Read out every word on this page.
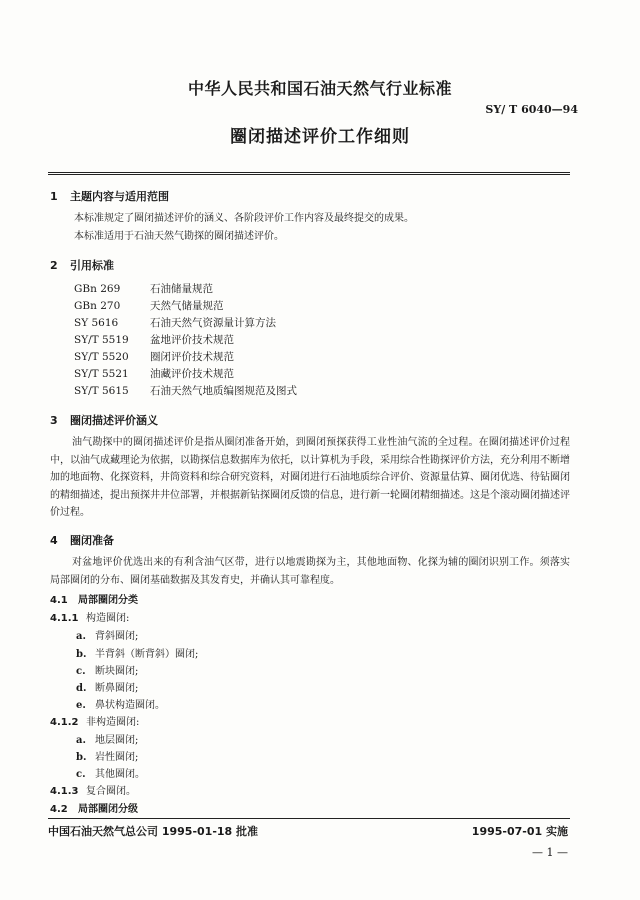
中华人民共和国石油天然气行业标准
SY/ T 6040—94
圈闭描述评价工作细则
1 主题内容与适用范围
本标准规定了圈闭描述评价的涵义、各阶段评价工作内容及最终提交的成果。
本标准适用于石油天然气勘探的圈闭描述评价。
2 引用标准
GBn 269	石油储量规范
GBn 270	天然气储量规范
SY 5616	石油天然气资源量计算方法
SY/T 5519 盆地评价技术规范
SY/T 5520 圈闭评价技术规范
SY/T 5521 油藏评价技术规范
SY/T 5615 石油天然气地质编图规范及图式
3 圈闭描述评价涵义
油气勘探中的圈闭描述评价是指从圈闭准备开始，到圈闭预探获得工业性油气流的全过程。在圈闭描述评价过程中，以油气成藏理论为依据，以勘探信息数据库为依托，以计算机为手段，采用综合性勘探评价方法，充分利用不断增加的地面物、化探资料，井筒资料和综合研究资料，对圈闭进行石油地质综合评价、资源量估算、圈闭优选、待钻圈闭的精细描述，提出预探井井位部署，并根据新钻探圈闭反馈的信息，进行新一轮圈闭精细描述。这是个滚动圈闭描述评价过程。
4 圈闭准备
对盆地评价优选出来的有利含油气区带，进行以地震勘探为主，其他地面物、化探为辅的圈闭识别工作。须落实局部圈闭的分布、圈闭基础数据及其发育史，并确认其可靠程度。
4.1 局部圈闭分类
4.1.1 构造圈闭:
a. 背斜圈闭;
b. 半背斜（断背斜）圈闭;
c. 断块圈闭;
d. 断鼻圈闭;
e. 鼻状构造圈闭。
4.1.2 非构造圈闭:
a. 地层圈闭;
b. 岩性圈闭;
c. 其他圈闭。
4.1.3 复合圈闭。
4.2 局部圈闭分级
中国石油天然气总公司 1995-01-18 批准	1995-07-01 实施
— 1 —
